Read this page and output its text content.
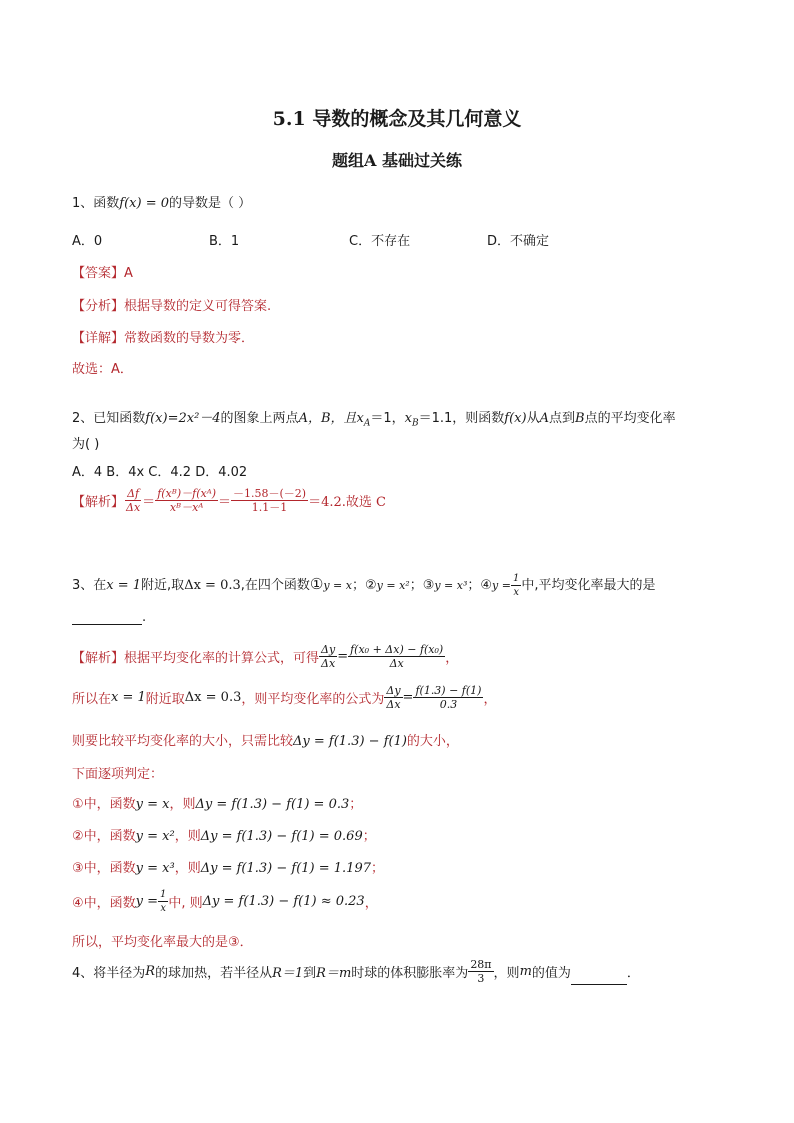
5.1 导数的概念及其几何意义
题组A 基础过关练
1、函数f(x) = 0的导数是（ ）
A．0	B．1	C．不存在	D．不确定
【答案】A
【分析】根据导数的定义可得答案.
【详解】常数函数的导数为零．
故选：A．
2、已知函数f(x)=2x²－4的图象上两点A，B，且$x_A=1$，$x_B=1.1$，则函数f(x)从A点到B点的平均变化率
为( )
A．4 B．4x C．4.2 D．4.02
【解析】 $\frac{\Delta f}{\Delta x} = \frac{\text{f(xᴮ)－f(xᴬ)}}{\text{xᴮ－xᴬ}} = \frac{-1.58-(-2)}{1.1-1} =4.2$.故选 C
3、在x = 1附近,取Δx = 0.3,在四个函数①y = x；②y = x²；③y = x³；④y = $\frac{1}{x}$ 中,平均变化率最大的是
.
【解析】根据平均变化率的计算公式，可得 $\frac{\Delta y}{\Delta x} = \frac{\text{f(x₀ + Δx) − f(x₀)}}{\Delta x}$ ，
所以在x = 1附近取Δx = 0.3，则平均变化率的公式为 $\frac{\Delta y}{\Delta x} = \frac{f(1.3) - f(1)}{0.3}$ ，
则要比较平均变化率的大小，只需比较Δy = f(1.3) − f(1)的大小，
下面逐项判定：
①中，函数y = x，则Δy = f(1.3) − f(1) = 0.3；
②中，函数y = x²，则Δy = f(1.3) − f(1) = 0.69；
③中，函数y = x³，则Δy = f(1.3) − f(1) = 1.197；
④中，函数$y = \frac{1}{x}$ 中, 则Δy = f(1.3) − f(1) ≈ 0.23，
所以，平均变化率最大的是③．
4、将半径为R的球加热，若半径从R＝1到R＝m时球的体积膨胀率为 $\frac{28\pi}{3}$ ，则m的值为	．
